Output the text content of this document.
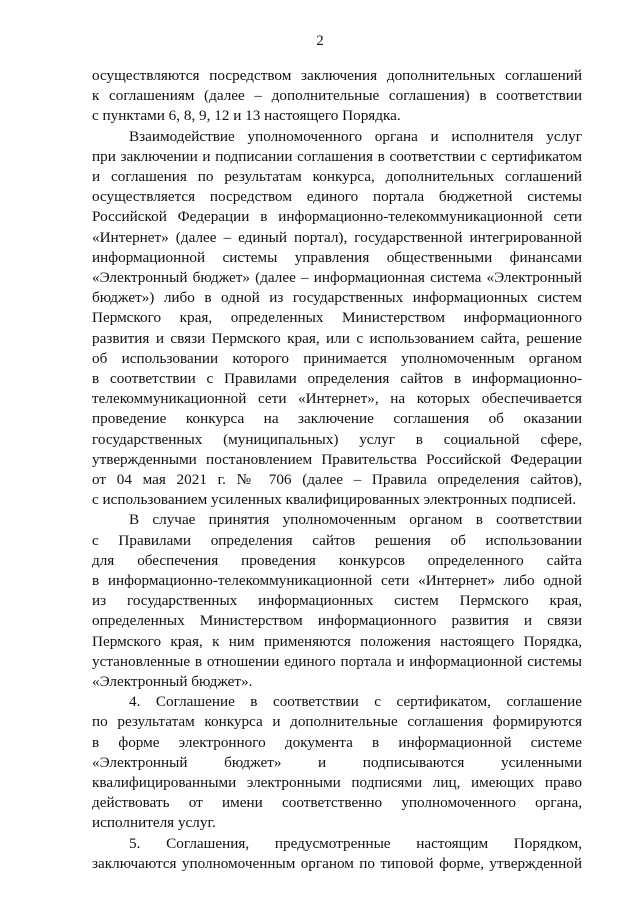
2
осуществляются посредством заключения дополнительных соглашений
к соглашениям (далее – дополнительные соглашения) в соответствии
с пунктами 6, 8, 9, 12 и 13 настоящего Порядка.
Взаимодействие уполномоченного органа и исполнителя услуг
при заключении и подписании соглашения в соответствии с сертификатом
и соглашения по результатам конкурса, дополнительных соглашений
осуществляется посредством единого портала бюджетной системы
Российской Федерации в информационно-телекоммуникационной сети
«Интернет» (далее – единый портал), государственной интегрированной
информационной системы управления общественными финансами
«Электронный бюджет» (далее – информационная система «Электронный
бюджет») либо в одной из государственных информационных систем
Пермского края, определенных Министерством информационного
развития и связи Пермского края, или с использованием сайта, решение
об использовании которого принимается уполномоченным органом
в соответствии с Правилами определения сайтов в информационно-
телекоммуникационной сети «Интернет», на которых обеспечивается
проведение конкурса на заключение соглашения об оказании
государственных (муниципальных) услуг в социальной сфере,
утвержденными постановлением Правительства Российской Федерации
от 04 мая 2021 г. № 706 (далее – Правила определения сайтов),
с использованием усиленных квалифицированных электронных подписей.
В случае принятия уполномоченным органом в соответствии
с Правилами определения сайтов решения об использовании
для обеспечения проведения конкурсов определенного сайта
в информационно-телекоммуникационной сети «Интернет» либо одной
из государственных информационных систем Пермского края,
определенных Министерством информационного развития и связи
Пермского края, к ним применяются положения настоящего Порядка,
установленные в отношении единого портала и информационной системы
«Электронный бюджет».
4. Соглашение в соответствии с сертификатом, соглашение
по результатам конкурса и дополнительные соглашения формируются
в форме электронного документа в информационной системе
«Электронный бюджет» и подписываются усиленными
квалифицированными электронными подписями лиц, имеющих право
действовать от имени соответственно уполномоченного органа,
исполнителя услуг.
5. Соглашения, предусмотренные настоящим Порядком,
заключаются уполномоченным органом по типовой форме, утвержденной
